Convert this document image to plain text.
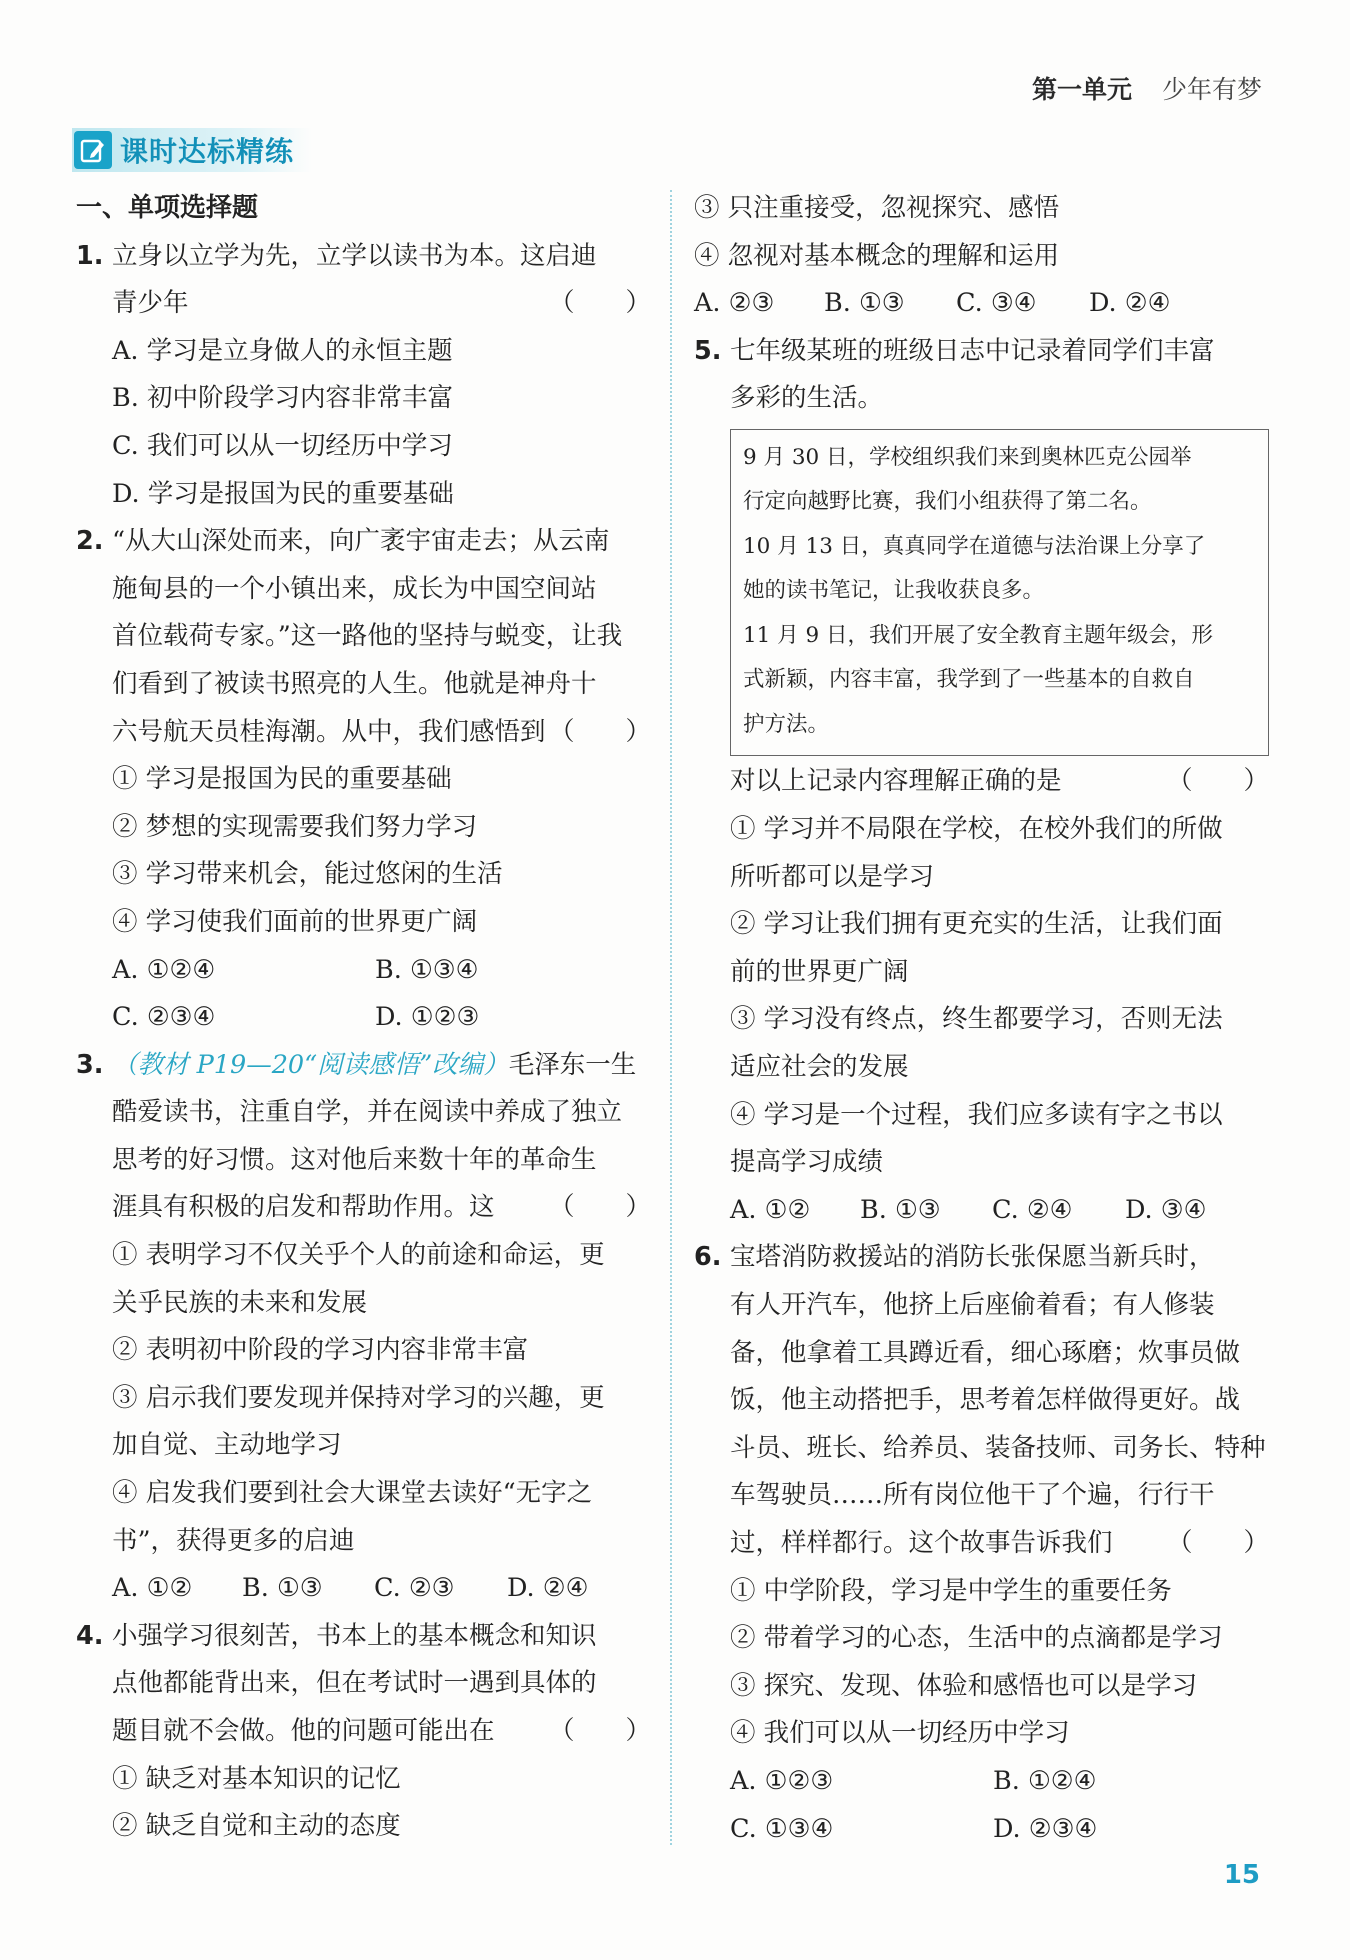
第一单元 少年有梦
课时达标精练
一、单项选择题
1. 立身以立学为先，立学以读书为本。这启迪
青少年	（　　）
A. 学习是立身做人的永恒主题
B. 初中阶段学习内容非常丰富
C. 我们可以从一切经历中学习
D. 学习是报国为民的重要基础
2. “从大山深处而来，向广袤宇宙走去；从云南
施甸县的一个小镇出来，成长为中国空间站
首位载荷专家。”这一路他的坚持与蜕变，让我
们看到了被读书照亮的人生。他就是神舟十
六号航天员桂海潮。从中，我们感悟到 （　　）
① 学习是报国为民的重要基础
② 梦想的实现需要我们努力学习
③ 学习带来机会，能过悠闲的生活
④ 学习使我们面前的世界更广阔
A. ①②④	B. ①③④
C. ②③④	D. ①②③
3. （教材 P19—20“阅读感悟”改编）毛泽东一生
酷爱读书，注重自学，并在阅读中养成了独立
思考的好习惯。这对他后来数十年的革命生
涯具有积极的启发和帮助作用。这 （　　）
① 表明学习不仅关乎个人的前途和命运，更
关乎民族的未来和发展
② 表明初中阶段的学习内容非常丰富
③ 启示我们要发现并保持对学习的兴趣，更
加自觉、主动地学习
④ 启发我们要到社会大课堂去读好“无字之
书”，获得更多的启迪
A. ①②	B. ①③	C. ②③	D. ②④
4. 小强学习很刻苦，书本上的基本概念和知识
点他都能背出来，但在考试时一遇到具体的
题目就不会做。他的问题可能出在 （　　）
① 缺乏对基本知识的记忆
② 缺乏自觉和主动的态度
③ 只注重接受，忽视探究、感悟
④ 忽视对基本概念的理解和运用
A. ②③	B. ①③	C. ③④	D. ②④
5. 七年级某班的班级日志中记录着同学们丰富
多彩的生活。
9 月 30 日，学校组织我们来到奥林匹克公园举
行定向越野比赛，我们小组获得了第二名。
10 月 13 日，真真同学在道德与法治课上分享了
她的读书笔记，让我收获良多。
11 月 9 日，我们开展了安全教育主题年级会，形
式新颖，内容丰富，我学到了一些基本的自救自
护方法。
对以上记录内容理解正确的是	（　　）
① 学习并不局限在学校，在校外我们的所做
所听都可以是学习
② 学习让我们拥有更充实的生活，让我们面
前的世界更广阔
③ 学习没有终点，终生都要学习，否则无法
适应社会的发展
④ 学习是一个过程，我们应多读有字之书以
提高学习成绩
A. ①②	B. ①③	C. ②④	D. ③④
6. 宝塔消防救援站的消防长张保愿当新兵时，
有人开汽车，他挤上后座偷着看；有人修装
备，他拿着工具蹲近看，细心琢磨；炊事员做
饭，他主动搭把手，思考着怎样做得更好。战
斗员、班长、给养员、装备技师、司务长、特种
车驾驶员……所有岗位他干了个遍，行行干
过，样样都行。这个故事告诉我们 （　　）
① 中学阶段，学习是中学生的重要任务
② 带着学习的心态，生活中的点滴都是学习
③ 探究、发现、体验和感悟也可以是学习
④ 我们可以从一切经历中学习
A. ①②③	B. ①②④
C. ①③④	D. ②③④
15
